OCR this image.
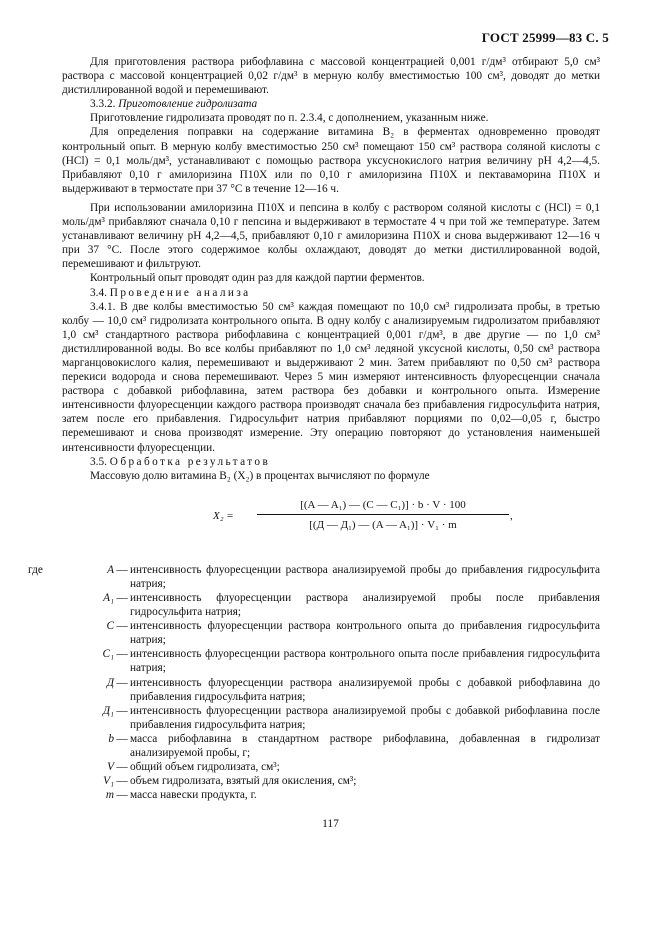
ГОСТ 25999—83 С. 5

Для приготовления раствора рибофлавина с массовой концентрацией 0,001 г/дм³ отбирают 5,0 см³ раствора с массовой концентрацией 0,02 г/дм³ в мерную колбу вместимостью 100 см³, доводят до метки дистиллированной водой и перемешивают.

3.3.2. Приготовление гидролизата

Приготовление гидролизата проводят по п. 2.3.4, с дополнением, указанным ниже.

Для определения поправки на содержание витамина B₂ в ферментах одновременно проводят контрольный опыт. В мерную колбу вместимостью 250 см³ помещают 150 см³ раствора соляной кислоты c (HCl) = 0,1 моль/дм³, устанавливают с помощью раствора уксуснокислого натрия величину pH 4,2—4,5. Прибавляют 0,10 г амилоризина П10Х или по 0,10 г амилоризина П10Х и пектаваморина П10Х и выдерживают в термостате при 37 °С в течение 12—16 ч.

При использовании амилоризина П10Х и пепсина в колбу с раствором соляной кислоты c (HCl) = 0,1 моль/дм³ прибавляют сначала 0,10 г пепсина и выдерживают в термостате 4 ч при той же температуре. Затем устанавливают величину pH 4,2—4,5, прибавляют 0,10 г амилоризина П10Х и снова выдерживают 12—16 ч при 37 °С. После этого содержимое колбы охлаждают, доводят до метки дистиллированной водой, перемешивают и фильтруют.

Контрольный опыт проводят один раз для каждой партии ферментов.

3.4. Проведение анализа

3.4.1. В две колбы вместимостью 50 см³ каждая помещают по 10,0 см³ гидролизата пробы, в третью колбу — 10,0 см³ гидролизата контрольного опыта. В одну колбу с анализируемым гидролизатом прибавляют 1,0 см³ стандартного раствора рибофлавина с концентрацией 0,001 г/дм³, в две другие — по 1,0 см³ дистиллированной воды. Во все колбы прибавляют по 1,0 см³ ледяной уксусной кислоты, 0,50 см³ раствора марганцовокислого калия, перемешивают и выдерживают 2 мин. Затем прибавляют по 0,50 см³ раствора перекиси водорода и снова перемешивают. Через 5 мин измеряют интенсивность флуоресценции сначала раствора с добавкой рибофлавина, затем раствора без добавки и контрольного опыта. Измерение интенсивности флуоресценции каждого раствора производят сначала без прибавления гидросульфита натрия, затем после его прибавления. Гидросульфит натрия прибавляют порциями по 0,02—0,05 г, быстро перемешивают и снова производят измерение. Эту операцию повторяют до установления наименьшей интенсивности флуоресценции.

3.5. Обработка результатов

Массовую долю витамина B₂ (X₂) в процентах вычисляют по формуле

X₂ =
[(A — A₁) — (C — C₁)] · b · V · 100
[(Д — Д₁) — (A — A₁)] · V₁ · m
,
где	A — интенсивность флуоресценции раствора анализируемой пробы до прибавления гидросульфита натрия;
A₁ — интенсивность флуоресценции раствора анализируемой пробы после прибавления гидросульфита натрия;
C — интенсивность флуоресценции раствора контрольного опыта до прибавления гидросульфита натрия;
C₁ — интенсивность флуоресценции раствора контрольного опыта после прибавления гидросульфита натрия;
Д — интенсивность флуоресценции раствора анализируемой пробы с добавкой рибофлавина до прибавления гидросульфита натрия;
Д₁ — интенсивность флуоресценции раствора анализируемой пробы с добавкой рибофлавина после прибавления гидросульфита натрия;
b — масса рибофлавина в стандартном растворе рибофлавина, добавленная в гидролизат анализируемой пробы, г;
V — общий объем гидролизата, см³;
V₁ — объем гидролизата, взятый для окисления, см³;
m — масса навески продукта, г.
117
